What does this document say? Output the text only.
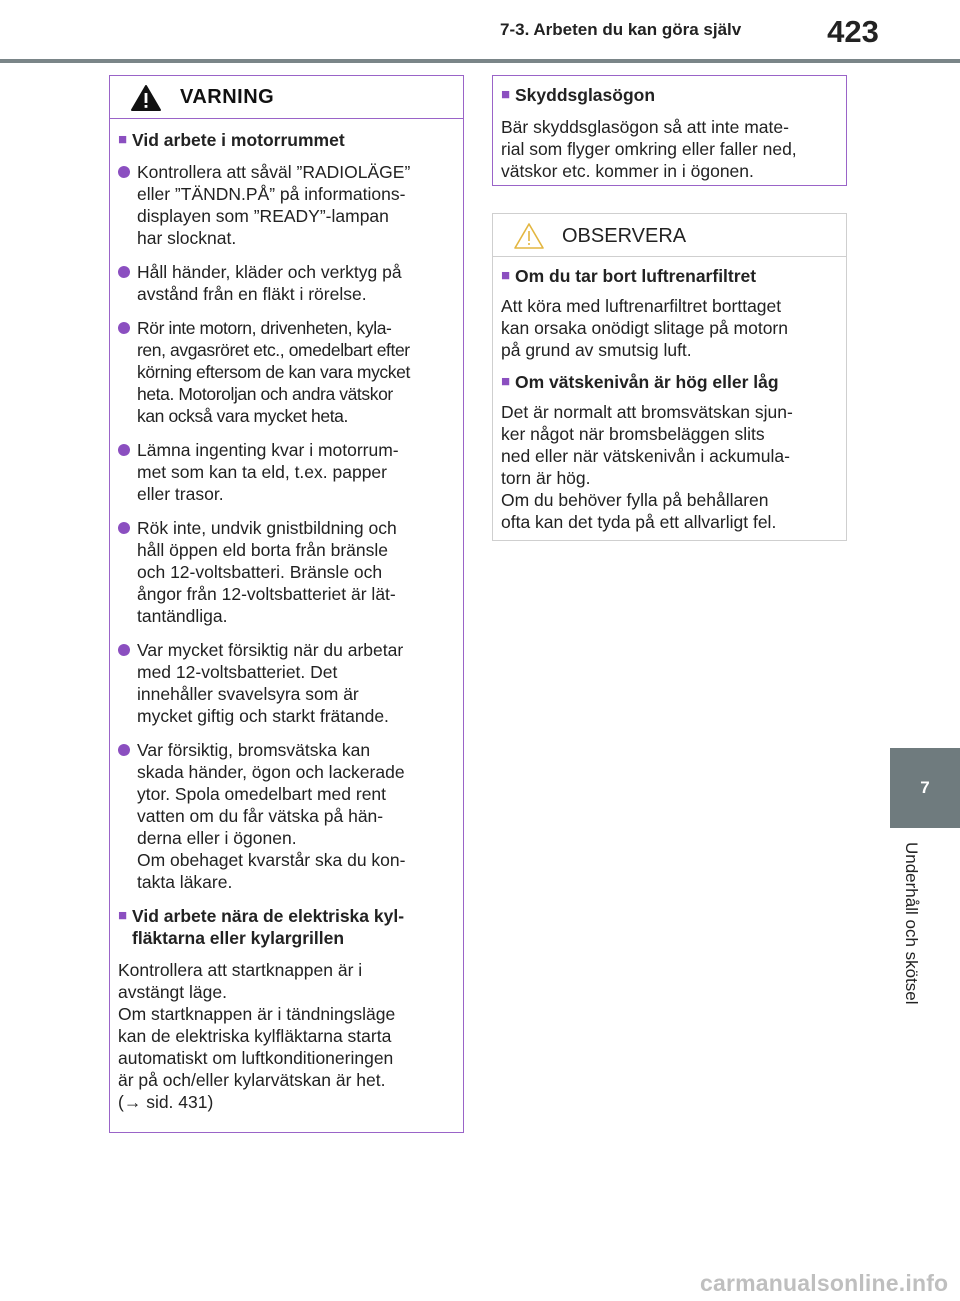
7-3. Arbeten du kan göra själv	423
7
Underhåll och skötsel
VARNING
■ Vid arbete i motorrummet
Kontrollera att såväl ”RADIOLÄGE”
eller ”TÄNDN.PÅ” på informations-
displayen som ”READY”-lampan
har slocknat.
Håll händer, kläder och verktyg på
avstånd från en fläkt i rörelse.
Rör inte motorn, drivenheten, kyla-
ren, avgasröret etc., omedelbart efter
körning eftersom de kan vara mycket
heta. Motoroljan och andra vätskor
kan också vara mycket heta.
Lämna ingenting kvar i motorrum-
met som kan ta eld, t.ex. papper
eller trasor.
Rök inte, undvik gnistbildning och
håll öppen eld borta från bränsle
och 12-voltsbatteri. Bränsle och
ångor från 12-voltsbatteriet är lät-
tantändliga.
Var mycket försiktig när du arbetar
med 12-voltsbatteriet. Det
innehåller svavelsyra som är
mycket giftig och starkt frätande.
Var försiktig, bromsvätska kan
skada händer, ögon och lackerade
ytor. Spola omedelbart med rent
vatten om du får vätska på hän-
derna eller i ögonen.
Om obehaget kvarstår ska du kon-
takta läkare.
■ Vid arbete nära de elektriska kyl-
fläktarna eller kylargrillen
Kontrollera att startknappen är i
avstängt läge.
Om startknappen är i tändningsläge
kan de elektriska kylfläktarna starta
automatiskt om luftkonditioneringen
är på och/eller kylarvätskan är het.
(→ sid. 431)
■ Skyddsglasögon
Bär skyddsglasögon så att inte mate-
rial som flyger omkring eller faller ned,
vätskor etc. kommer in i ögonen.
OBSERVERA
■ Om du tar bort luftrenarfiltret
Att köra med luftrenarfiltret borttaget
kan orsaka onödigt slitage på motorn
på grund av smutsig luft.
■ Om vätskenivån är hög eller låg
Det är normalt att bromsvätskan sjun-
ker något när bromsbeläggen slits
ned eller när vätskenivån i ackumula-
torn är hög.
Om du behöver fylla på behållaren
ofta kan det tyda på ett allvarligt fel.
carmanualsonline.info
